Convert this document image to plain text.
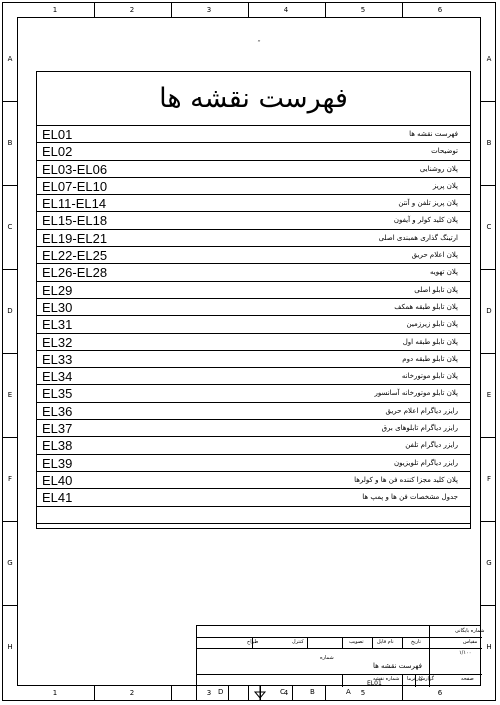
1	2	3	4	5	6
1	2	3	4	5	6
A
B
C
D
E
F
G
H
A
B
C
D
E
F
G
H
˝
فهرست نقشه ها
EL01	فهرست نقشه ها
EL02	توضیحات
EL03-EL06	پلان روشنایی
EL07-EL10	پلان پریز
EL11-EL14	پلان پریز تلفن و آنتن
EL15-EL18	پلان کلید کولر و آیفون
EL19-EL21	ارتینگ گذاری همبندی اصلی
EL22-EL25	پلان اعلام حریق
EL26-EL28	پلان تهویه
EL29	پلان تابلو اصلی
EL30	پلان تابلو طبقه همکف
EL31	پلان تابلو زیرزمین
EL32	پلان تابلو طبقه اول
EL33	پلان تابلو طبقه دوم
EL34	پلان تابلو موتورخانه
EL35	پلان تابلو موتورخانه آسانسور
EL36	رایزر دیاگرام اعلام حریق
EL37	رایزر دیاگرام تابلوهای برق
EL38	رایزر دیاگرام تلفن
EL39	رایزر دیاگرام تلویزیون
EL40	پلان کلید مجزا کننده فن ها و کولرها
EL41	جدول مشخصات فن ها و پمپ ها
شماره بایگانی
مقیاس
تاریخ
نام فایل
تصویب
کنترل
طراح
۱/۱۰۰
فهرست نقشه ها
شماره
صفحه
شماره نقشه کارفرما
گزارش
EL01
D	C	B	A
